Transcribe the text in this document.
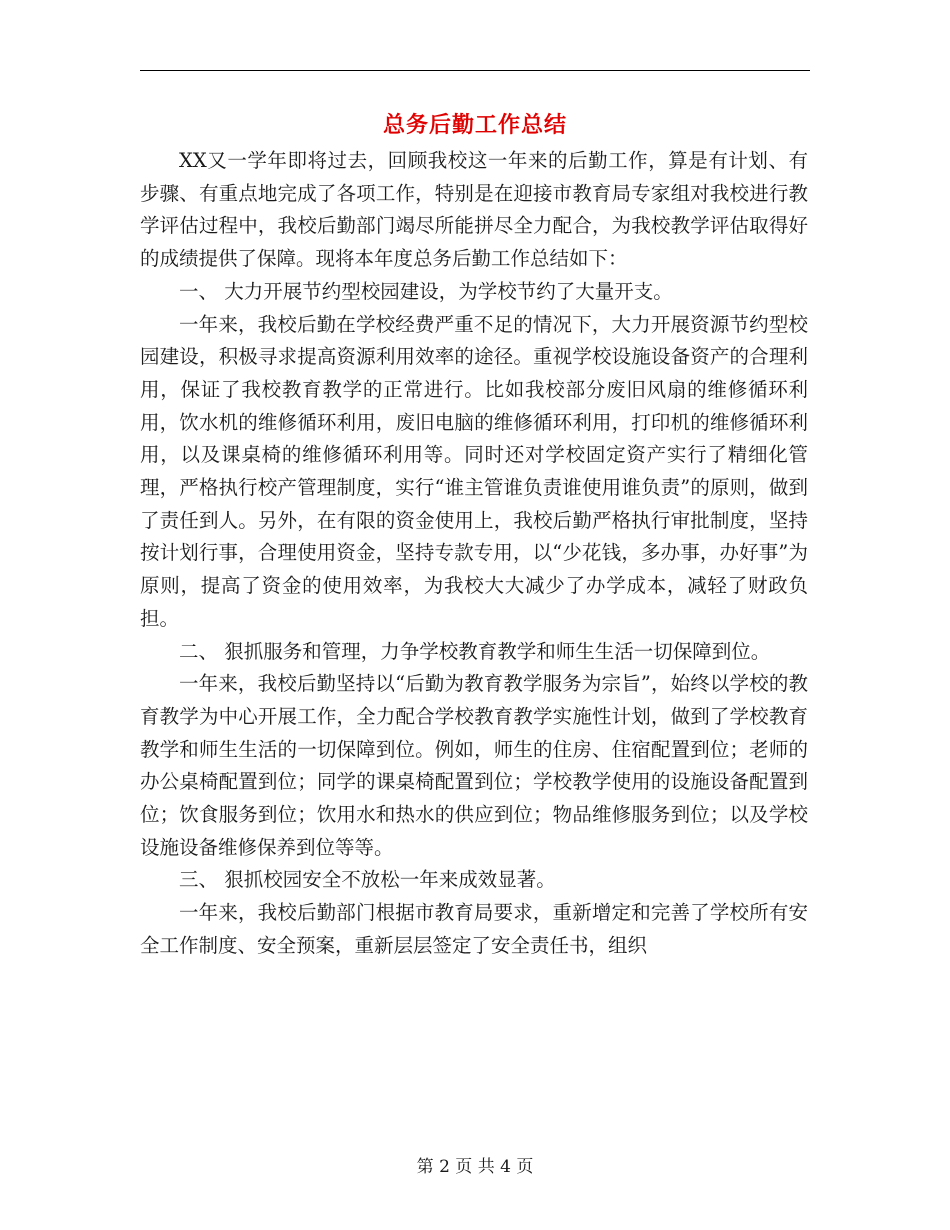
总务后勤工作总结

XX又一学年即将过去，回顾我校这一年来的后勤工作，算是有计划、有步骤、有重点地完成了各项工作，特别是在迎接市教育局专家组对我校进行教学评估过程中，我校后勤部门竭尽所能拼尽全力配合，为我校教学评估取得好的成绩提供了保障。现将本年度总务后勤工作总结如下：

一、 大力开展节约型校园建设，为学校节约了大量开支。

一年来，我校后勤在学校经费严重不足的情况下，大力开展资源节约型校园建设，积极寻求提高资源利用效率的途径。重视学校设施设备资产的合理利用，保证了我校教育教学的正常进行。比如我校部分废旧风扇的维修循环利用，饮水机的维修循环利用，废旧电脑的维修循环利用，打印机的维修循环利用，以及课桌椅的维修循环利用等。同时还对学校固定资产实行了精细化管理，严格执行校产管理制度，实行“谁主管谁负责谁使用谁负责”的原则，做到了责任到人。另外，在有限的资金使用上，我校后勤严格执行审批制度，坚持按计划行事，合理使用资金，坚持专款专用，以“少花钱，多办事，办好事”为原则，提高了资金的使用效率，为我校大大减少了办学成本，减轻了财政负担。

二、 狠抓服务和管理，力争学校教育教学和师生生活一切保障到位。

一年来，我校后勤坚持以“后勤为教育教学服务为宗旨”，始终以学校的教育教学为中心开展工作，全力配合学校教育教学实施性计划，做到了学校教育教学和师生生活的一切保障到位。例如，师生的住房、住宿配置到位；老师的办公桌椅配置到位；同学的课桌椅配置到位；学校教学使用的设施设备配置到位；饮食服务到位；饮用水和热水的供应到位；物品维修服务到位；以及学校设施设备维修保养到位等等。

三、 狠抓校园安全不放松一年来成效显著。

一年来，我校后勤部门根据市教育局要求，重新增定和完善了学校所有安全工作制度、安全预案，重新层层签定了安全责任书，组织

第 2 页 共 4 页
